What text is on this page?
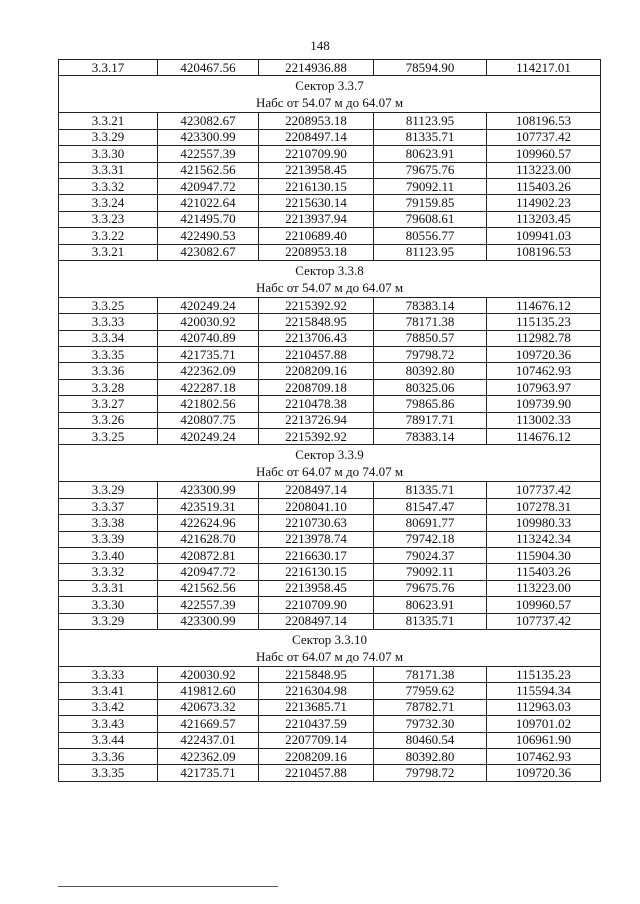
148
3.3.17	420467.56	2214936.88	78594.90	114217.01

Сектор 3.3.7
Набс от 54.07 м до 64.07 м				

3.3.21	423082.67	2208953.18	81123.95	108196.53
3.3.29	423300.99	2208497.14	81335.71	107737.42
3.3.30	422557.39	2210709.90	80623.91	109960.57
3.3.31	421562.56	2213958.45	79675.76	113223.00
3.3.32	420947.72	2216130.15	79092.11	115403.26
3.3.24	421022.64	2215630.14	79159.85	114902.23
3.3.23	421495.70	2213937.94	79608.61	113203.45
3.3.22	422490.53	2210689.40	80556.77	109941.03
3.3.21	423082.67	2208953.18	81123.95	108196.53

Сектор 3.3.8
Набс от 54.07 м до 64.07 м				

3.3.25	420249.24	2215392.92	78383.14	114676.12
3.3.33	420030.92	2215848.95	78171.38	115135.23
3.3.34	420740.89	2213706.43	78850.57	112982.78
3.3.35	421735.71	2210457.88	79798.72	109720.36
3.3.36	422362.09	2208209.16	80392.80	107462.93
3.3.28	422287.18	2208709.18	80325.06	107963.97
3.3.27	421802.56	2210478.38	79865.86	109739.90
3.3.26	420807.75	2213726.94	78917.71	113002.33
3.3.25	420249.24	2215392.92	78383.14	114676.12

Сектор 3.3.9
Набс от 64.07 м до 74.07 м				

3.3.29	423300.99	2208497.14	81335.71	107737.42
3.3.37	423519.31	2208041.10	81547.47	107278.31
3.3.38	422624.96	2210730.63	80691.77	109980.33
3.3.39	421628.70	2213978.74	79742.18	113242.34
3.3.40	420872.81	2216630.17	79024.37	115904.30
3.3.32	420947.72	2216130.15	79092.11	115403.26
3.3.31	421562.56	2213958.45	79675.76	113223.00
3.3.30	422557.39	2210709.90	80623.91	109960.57
3.3.29	423300.99	2208497.14	81335.71	107737.42

Сектор 3.3.10
Набс от 64.07 м до 74.07 м				

3.3.33	420030.92	2215848.95	78171.38	115135.23
3.3.41	419812.60	2216304.98	77959.62	115594.34
3.3.42	420673.32	2213685.71	78782.71	112963.03
3.3.43	421669.57	2210437.59	79732.30	109701.02
3.3.44	422437.01	2207709.14	80460.54	106961.90
3.3.36	422362.09	2208209.16	80392.80	107462.93
3.3.35	421735.71	2210457.88	79798.72	109720.36
